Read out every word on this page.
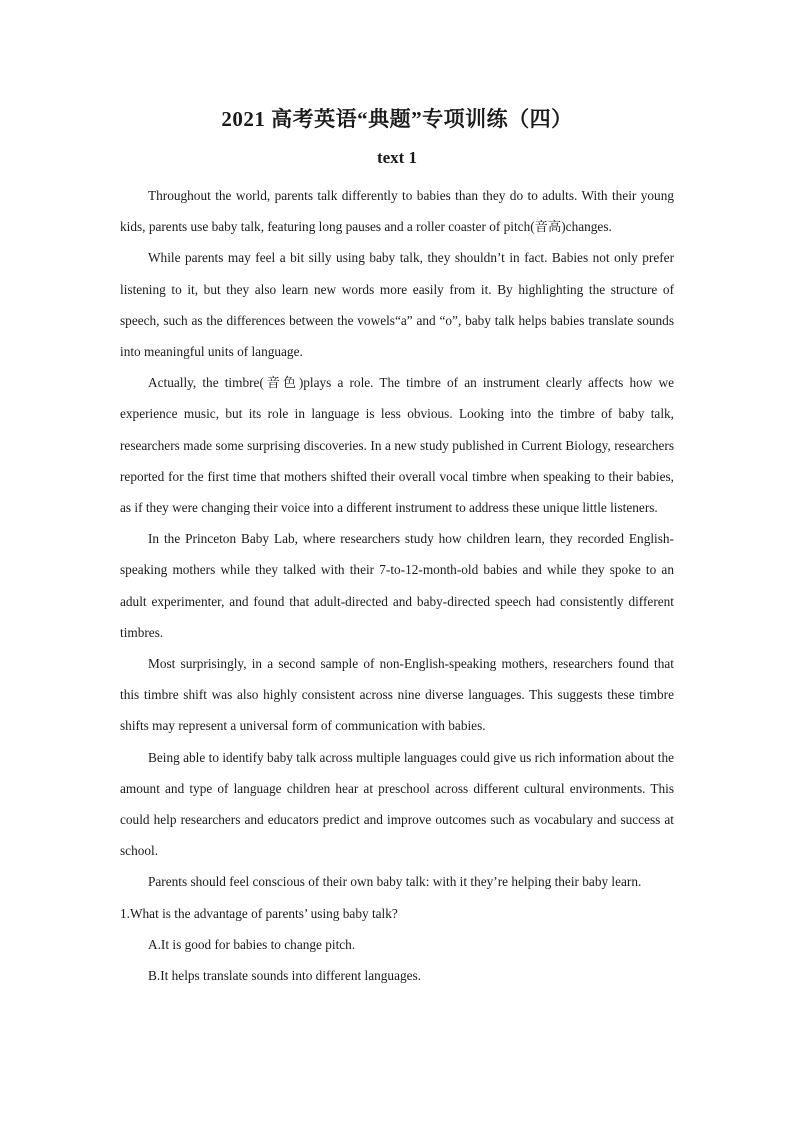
2021 高考英语“典题”专项训练（四）
text 1

Throughout the world, parents talk differently to babies than they do to adults. With their young kids, parents use baby talk, featuring long pauses and a roller coaster of pitch(音高)changes.

While parents may feel a bit silly using baby talk, they shouldn’t in fact. Babies not only prefer listening to it, but they also learn new words more easily from it. By highlighting the structure of speech, such as the differences between the vowels“a” and “o”, baby talk helps babies translate sounds into meaningful units of language.

Actually, the timbre(音色)plays a role. The timbre of an instrument clearly affects how we experience music, but its role in language is less obvious. Looking into the timbre of baby talk, researchers made some surprising discoveries. In a new study published in Current Biology, researchers reported for the first time that mothers shifted their overall vocal timbre when speaking to their babies, as if they were changing their voice into a different instrument to address these unique little listeners.

In the Princeton Baby Lab, where researchers study how children learn, they recorded English-speaking mothers while they talked with their 7-to-12-month-old babies and while they spoke to an adult experimenter, and found that adult-directed and baby-directed speech had consistently different timbres.

Most surprisingly, in a second sample of non-English-speaking mothers, researchers found that this timbre shift was also highly consistent across nine diverse languages. This suggests these timbre shifts may represent a universal form of communication with babies.

Being able to identify baby talk across multiple languages could give us rich information about the amount and type of language children hear at preschool across different cultural environments. This could help researchers and educators predict and improve outcomes such as vocabulary and success at school.

Parents should feel conscious of their own baby talk: with it they’re helping their baby learn.

1.What is the advantage of parents’ using baby talk?

A.It is good for babies to change pitch.

B.It helps translate sounds into different languages.
